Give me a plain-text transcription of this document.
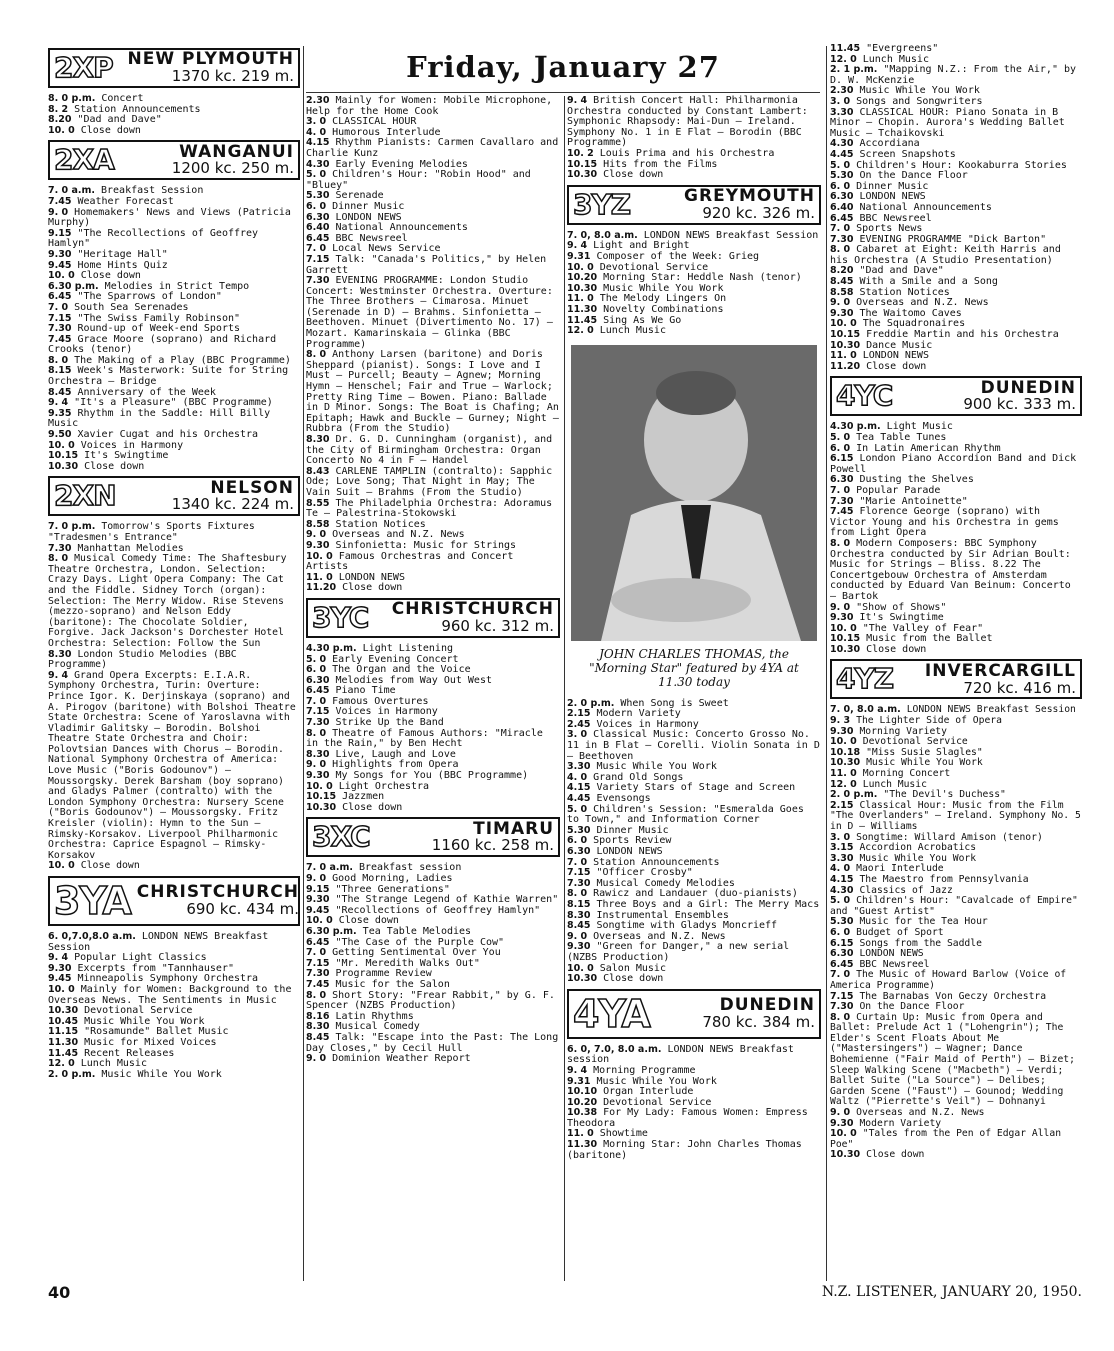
Friday, January 27
2XP NEW PLYMOUTH
1370 kc. 219 m.
8. 0 p.m. Concert
8. 2 Station Announcements
8.20 "Dad and Dave"
10. 0 Close down
2XA	WANGANUI
1200 kc. 250 m.
7. 0 a.m. Breakfast Session
7.45 Weather Forecast
9. 0 Homemakers' News and Views (Patricia Murphy)
9.15 "The Recollections of Geoffrey Hamlyn"
9.30 "Heritage Hall"
9.45 Home Hints Quiz
10. 0 Close down
6.30 p.m. Melodies in Strict Tempo
6.45 "The Sparrows of London"
7. 0 South Sea Serenades
7.15 "The Swiss Family Robinson"
7.30 Round-up of Week-end Sports
7.45 Grace Moore (soprano) and Richard Crooks (tenor)
8. 0 The Making of a Play (BBC Programme)
8.15 Week's Masterwork: Suite for String Orchestra — Bridge
8.45 Anniversary of the Week
9. 4 "It's a Pleasure" (BBC Programme)
9.35 Rhythm in the Saddle: Hill Billy Music
9.50 Xavier Cugat and his Orchestra
10. 0 Voices in Harmony
10.15 It's Swingtime
10.30 Close down
2XN	NELSON
1340 kc. 224 m.
7. 0 p.m. Tomorrow's Sports Fixtures "Tradesmen's Entrance"
7.30 Manhattan Melodies
8. 0 Musical Comedy Time: The Shaftesbury Theatre Orchestra, London. Selection: Crazy Days. Light Opera Company: The Cat and the Fiddle. Sidney Torch (organ): Selection: The Merry Widow. Rise Stevens (mezzo-soprano) and Nelson Eddy (baritone): The Chocolate Soldier, Forgive. Jack Jackson's Dorchester Hotel Orchestra: Selection: Follow the Sun
8.30 London Studio Melodies (BBC Programme)
9. 4 Grand Opera Excerpts: E.I.A.R. Symphony Orchestra, Turin: Overture: Prince Igor. K. Derjinskaya (soprano) and A. Pirogov (baritone) with Bolshoi Theatre State Orchestra: Scene of Yaroslavna with Vladimir Galitsky — Borodin. Bolshoi Theatre State Orchestra and Choir: Polovtsian Dances with Chorus — Borodin. National Symphony Orchestra of America: Love Music ("Boris Godounov") — Moussorgsky. Derek Barsham (boy soprano) and Gladys Palmer (contralto) with the London Symphony Orchestra: Nursery Scene ("Boris Godounov") — Moussorgsky. Fritz Kreisler (violin): Hymn to the Sun — Rimsky-Korsakov. Liverpool Philharmonic Orchestra: Caprice Espagnol — Rimsky-Korsakov
10. 0 Close down
3YA CHRISTCHURCH
690 kc. 434 m.
6. 0,7.0,8.0 a.m. LONDON NEWS Breakfast Session
9. 4 Popular Light Classics
9.30 Excerpts from "Tannhauser"
9.45 Minneapolis Symphony Orchestra
10. 0 Mainly for Women: Background to the Overseas News. The Sentiments in Music
10.30 Devotional Service
10.45 Music While You Work
11.15 "Rosamunde" Ballet Music
11.30 Music for Mixed Voices
11.45 Recent Releases
12. 0 Lunch Music
2. 0 p.m. Music While You Work
2.30 Mainly for Women: Mobile Microphone, Help for the Home Cook
3. 0 CLASSICAL HOUR
4. 0 Humorous Interlude
4.15 Rhythm Pianists: Carmen Cavallaro and Charlie Kunz
4.30 Early Evening Melodies
5. 0 Children's Hour: "Robin Hood" and "Bluey"
5.30 Serenade
6. 0 Dinner Music
6.30 LONDON NEWS
6.40 National Announcements
6.45 BBC Newsreel
7. 0 Local News Service
7.15 Talk: "Canada's Politics," by Helen Garrett
7.30 EVENING PROGRAMME: London Studio Concert: Westminster Orchestra. Overture: The Three Brothers — Cimarosa. Minuet (Serenade in D) — Brahms. Sinfonietta — Beethoven. Minuet (Divertimento No. 17) — Mozart. Kamarinskaia — Glinka (BBC Programme)
8. 0 Anthony Larsen (baritone) and Doris Sheppard (pianist). Songs: I Love and I Must — Purcell; Beauty — Agnew; Morning Hymn — Henschel; Fair and True — Warlock; Pretty Ring Time — Bowen. Piano: Ballade in D Minor. Songs: The Boat is Chafing; An Epitaph; Hawk and Buckle — Gurney; Night — Rubbra (From the Studio)
8.30 Dr. G. D. Cunningham (organist), and the City of Birmingham Orchestra: Organ Concerto No 4 in F — Handel
8.43 CARLENE TAMPLIN (contralto): Sapphic Ode; Love Song; That Night in May; The Vain Suit — Brahms (From the Studio)
8.55 The Philadelphia Orchestra: Adoramus Te — Palestrina-Stokowski
8.58 Station Notices
9. 0 Overseas and N.Z. News
9.30 Sinfonietta: Music for Strings
10. 0 Famous Orchestras and Concert Artists
11. 0 LONDON NEWS
11.20 Close down
3YC	CHRISTCHURCH
960 kc. 312 m.
4.30 p.m. Light Listening
5. 0 Early Evening Concert
6. 0 The Organ and the Voice
6.30 Melodies from Way Out West
6.45 Piano Time
7. 0 Famous Overtures
7.15 Voices in Harmony
7.30 Strike Up the Band
8. 0 Theatre of Famous Authors: "Miracle in the Rain," by Ben Hecht
8.30 Live, Laugh and Love
9. 0 Highlights from Opera
9.30 My Songs for You (BBC Programme)
10. 0 Light Orchestra
10.15 Jazzmen
10.30 Close down
3XC	TIMARU
1160 kc. 258 m.
7. 0 a.m. Breakfast session
9. 0 Good Morning, Ladies
9.15 "Three Generations"
9.30 "The Strange Legend of Kathie Warren"
9.45 "Recollections of Geoffrey Hamlyn"
10. 0 Close down
6.30 p.m. Tea Table Melodies
6.45 "The Case of the Purple Cow"
7. 0 Getting Sentimental Over You
7.15 "Mr. Meredith Walks Out"
7.30 Programme Review
7.45 Music for the Salon
8. 0 Short Story: "Frear Rabbit," by G. F. Spencer (NZBS Production)
8.16 Latin Rhythms
8.30 Musical Comedy
8.45 Talk: "Escape into the Past: The Long Day Closes," by Cecil Hull
9. 0 Dominion Weather Report
9. 4 British Concert Hall: Philharmonia Orchestra conducted by Constant Lambert: Symphonic Rhapsody: Mai-Dun — Ireland. Symphony No. 1 in E Flat — Borodin (BBC Programme)
10. 2 Louis Prima and his Orchestra
10.15 Hits from the Films
10.30 Close down
3YZ	GREYMOUTH
920 kc. 326 m.
7. 0, 8.0 a.m. LONDON NEWS Breakfast Session
9. 4 Light and Bright
9.31 Composer of the Week: Grieg
10. 0 Devotional Service
10.20 Morning Star: Heddle Nash (tenor)
10.30 Music While You Work
11. 0 The Melody Lingers On
11.30 Novelty Combinations
11.45 Sing As We Go
12. 0 Lunch Music
JOHN CHARLES THOMAS, the "Morning Star" featured by 4YA at 11.30 today
2. 0 p.m. When Song is Sweet
2.15 Modern Variety
2.45 Voices in Harmony
3. 0 Classical Music: Concerto Grosso No. 11 in B Flat — Corelli. Violin Sonata in D — Beethoven
3.30 Music While You Work
4. 0 Grand Old Songs
4.15 Variety Stars of Stage and Screen
4.45 Evensongs
5. 0 Children's Session: "Esmeralda Goes to Town," and Information Corner
5.30 Dinner Music
6. 0 Sports Review
6.30 LONDON NEWS
7. 0 Station Announcements
7.15 "Officer Crosby"
7.30 Musical Comedy Melodies
8. 0 Rawicz and Landauer (duo-pianists)
8.15 Three Boys and a Girl: The Merry Macs
8.30 Instrumental Ensembles
8.45 Songtime with Gladys Moncrieff
9. 0 Overseas and N.Z. News
9.30 "Green for Danger," a new serial (NZBS Production)
10. 0 Salon Music
10.30 Close down
4YA	DUNEDIN
780 kc. 384 m.
6. 0, 7.0, 8.0 a.m. LONDON NEWS Breakfast session
9. 4 Morning Programme
9.31 Music While You Work
10.10 Organ Interlude
10.20 Devotional Service
10.38 For My Lady: Famous Women: Empress Theodora
11. 0 Showtime
11.30 Morning Star: John Charles Thomas (baritone)
11.45 "Evergreens"
12. 0 Lunch Music
2. 1 p.m. "Mapping N.Z.: From the Air," by D. W. McKenzie
2.30 Music While You Work
3. 0 Songs and Songwriters
3.30 CLASSICAL HOUR: Piano Sonata in B Minor — Chopin. Aurora's Wedding Ballet Music — Tchaikovski
4.30 Accordiana
4.45 Screen Snapshots
5. 0 Children's Hour: Kookaburra Stories
5.30 On the Dance Floor
6. 0 Dinner Music
6.30 LONDON NEWS
6.40 National Announcements
6.45 BBC Newsreel
7. 0 Sports News
7.30 EVENING PROGRAMME "Dick Barton"
8. 0 Cabaret at Eight: Keith Harris and his Orchestra (A Studio Presentation)
8.20 "Dad and Dave"
8.45 With a Smile and a Song
8.58 Station Notices
9. 0 Overseas and N.Z. News
9.30 The Waitomo Caves
10. 0 The Squadronaires
10.15 Freddie Martin and his Orchestra
10.30 Dance Music
11. 0 LONDON NEWS
11.20 Close down
4YC	DUNEDIN
900 kc. 333 m.
4.30 p.m. Light Music
5. 0 Tea Table Tunes
6. 0 In Latin American Rhythm
6.15 London Piano Accordion Band and Dick Powell
6.30 Dusting the Shelves
7. 0 Popular Parade
7.30 "Marie Antoinette"
7.45 Florence George (soprano) with Victor Young and his Orchestra in gems from Light Opera
8. 0 Modern Composers: BBC Symphony Orchestra conducted by Sir Adrian Boult: Music for Strings — Bliss. 8.22 The Concertgebouw Orchestra of Amsterdam conducted by Eduard Van Beinum: Concerto — Bartok
9. 0 "Show of Shows"
9.30 It's Swingtime
10. 0 "The Valley of Fear"
10.15 Music from the Ballet
10.30 Close down
4YZ	INVERCARGILL
720 kc. 416 m.
7. 0, 8.0 a.m. LONDON NEWS Breakfast Session
9. 3 The Lighter Side of Opera
9.30 Morning Variety
10. 0 Devotional Service
10.18 "Miss Susie Slagles"
10.30 Music While You Work
11. 0 Morning Concert
12. 0 Lunch Music
2. 0 p.m. "The Devil's Duchess"
2.15 Classical Hour: Music from the Film "The Overlanders" — Ireland. Symphony No. 5 in D — Williams
3. 0 Songtime: Willard Amison (tenor)
3.15 Accordion Acrobatics
3.30 Music While You Work
4. 0 Maori Interlude
4.15 The Maestro from Pennsylvania
4.30 Classics of Jazz
5. 0 Children's Hour: "Cavalcade of Empire" and "Guest Artist"
5.30 Music for the Tea Hour
6. 0 Budget of Sport
6.15 Songs from the Saddle
6.30 LONDON NEWS
6.45 BBC Newsreel
7. 0 The Music of Howard Barlow (Voice of America Programme)
7.15 The Barnabas Von Geczy Orchestra
7.30 On the Dance Floor
8. 0 Curtain Up: Music from Opera and Ballet: Prelude Act 1 ("Lohengrin"); The Elder's Scent Floats About Me ("Mastersingers") — Wagner; Dance Bohemienne ("Fair Maid of Perth") — Bizet; Sleep Walking Scene ("Macbeth") — Verdi; Ballet Suite ("La Source") — Delibes; Garden Scene ("Faust") — Gounod; Wedding Waltz ("Pierrette's Veil") — Dohnanyi
9. 0 Overseas and N.Z. News
9.30 Modern Variety
10. 0 "Tales from the Pen of Edgar Allan Poe"
10.30 Close down
40	N.Z. LISTENER, JANUARY 20, 1950.
